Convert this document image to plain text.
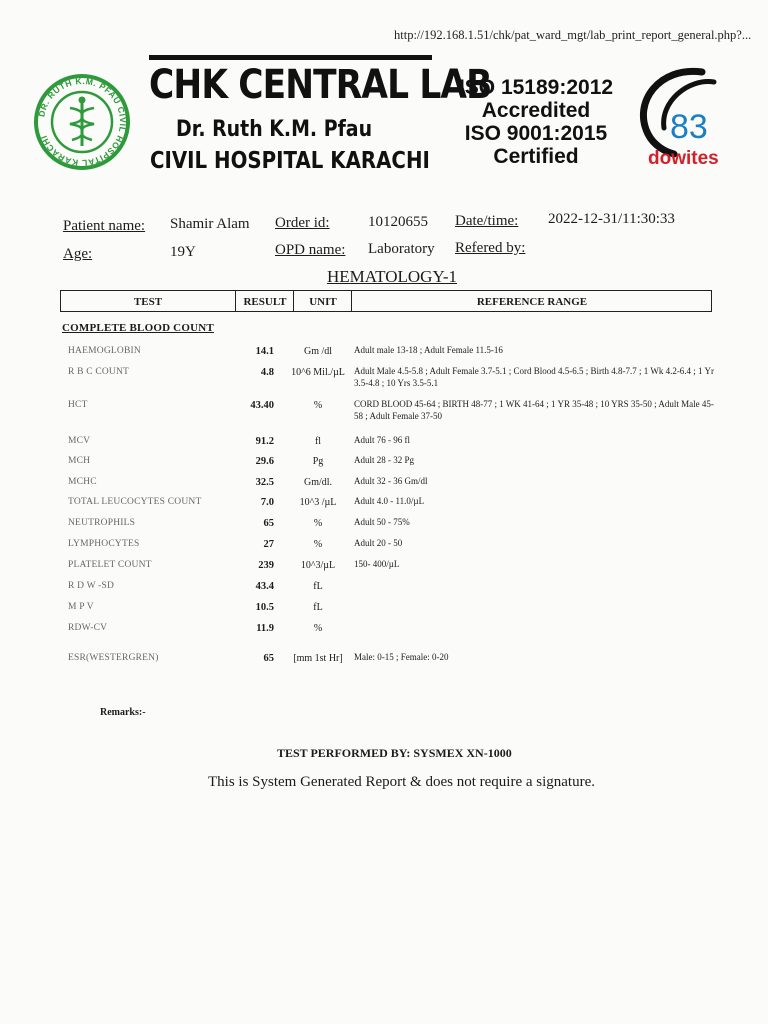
http://192.168.1.51/chk/pat_ward_mgt/lab_print_report_general.php?...
DR. RUTH K.M. PFAU CIVIL HOSPITAL KARACHI
CHK CENTRAL LAB
Dr. Ruth K.M. Pfau
CIVIL HOSPITAL KARACHI
ISO 15189:2012
Accredited
ISO 9001:2015
Certified
83
dowites
Patient name: Shamir Alam Order id:	10120655 Date/time: 2022-12-31/11:30:33
Age:	19Y	OPD name: Laboratory Refered by:
HEMATOLOGY-1
TEST	RESULT	UNIT	REFERENCE RANGE
COMPLETE BLOOD COUNT
HAEMOGLOBIN	14.1	Gm /dl	Adult male 13-18 ; Adult Female 11.5-16
R B C COUNT	4.8	10^6 Mil./µL	Adult Male 4.5-5.8 ; Adult Female 3.7-5.1 ; Cord Blood 4.5-6.5 ; Birth 4.8-7.7 ; 1 Wk 4.2-6.4 ; 1 Yr 3.5-4.8 ; 10 Yrs 3.5-5.1
HCT	43.40	%	CORD BLOOD 45-64 ; BIRTH 48-77 ; 1 WK 41-64 ; 1 YR 35-48 ; 10 YRS 35-50 ; Adult Male 45-58 ; Adult Female 37-50
MCV	91.2	fl	Adult 76 - 96 fl
MCH	29.6	Pg	Adult 28 - 32 Pg
MCHC	32.5	Gm/dl.	Adult 32 - 36 Gm/dl
TOTAL LEUCOCYTES COUNT	7.0	10^3 /µL	Adult 4.0 - 11.0/µL
NEUTROPHILS	65	%	Adult 50 - 75%
LYMPHOCYTES	27	%	Adult 20 - 50
PLATELET COUNT	239	10^3/µL	150- 400/µL
R D W -SD	43.4	fL
M P V	10.5	fL
RDW-CV	11.9	%
ESR(WESTERGREN)	65	[mm 1st Hr]	Male: 0-15 ; Female: 0-20
Remarks:-
TEST PERFORMED BY: SYSMEX XN-1000
This is System Generated Report & does not require a signature.
